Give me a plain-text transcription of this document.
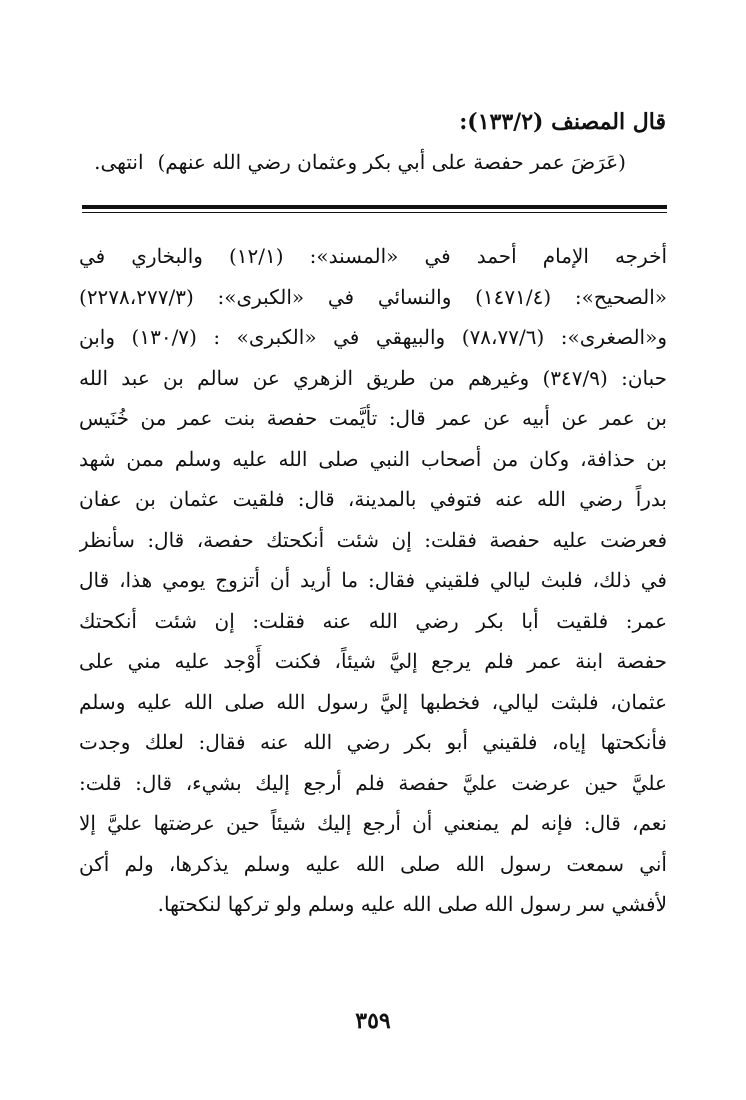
قال المصنف (١٣٣/٢):
(عَرَضَ عمر حفصة على أبي بكر وعثمان رضي الله عنهم)انتهى.
أخرجه الإمام أحمد في «المسند»: (١٢/١) والبخاري في
«الصحيح»: (١٤٧١/٤) والنسائي في «الكبرى»: (٢٢٧٨،٢٧٧/٣)
و«الصغرى»: (٧٨،٧٧/٦) والبيهقي في «الكبرى» : (١٣٠/٧) وابن
حبان: (٣٤٧/٩) وغيرهم من طريق الزهري عن سالم بن عبد الله
بن عمر عن أبيه عن عمر قال: تأيَّمت حفصة بنت عمر من خُنَيس
بن حذافة، وكان من أصحاب النبي صلى الله عليه وسلم ممن شهد
بدراً رضي الله عنه فتوفي بالمدينة، قال: فلقيت عثمان بن عفان
فعرضت عليه حفصة فقلت: إن شئت أنكحتك حفصة، قال: سأنظر
في ذلك، فلبث ليالي فلقيني فقال: ما أريد أن أتزوج يومي هذا، قال
عمر: فلقيت أبا بكر رضي الله عنه فقلت: إن شئت أنكحتك
حفصة ابنة عمر فلم يرجع إليَّ شيئاً، فكنت أَوْجد عليه مني على
عثمان، فلبثت ليالي، فخطبها إليَّ رسول الله صلى الله عليه وسلم
فأنكحتها إياه، فلقيني أبو بكر رضي الله عنه فقال: لعلك وجدت
عليَّ حين عرضت عليَّ حفصة فلم أرجع إليك بشيء، قال: قلت:
نعم، قال: فإنه لم يمنعني أن أرجع إليك شيئاً حين عرضتها عليَّ إلا
أني سمعت رسول الله صلى الله عليه وسلم يذكرها، ولم أكن
لأفشي سر رسول الله صلى الله عليه وسلم ولو تركها لنكحتها.
٣٥٩
